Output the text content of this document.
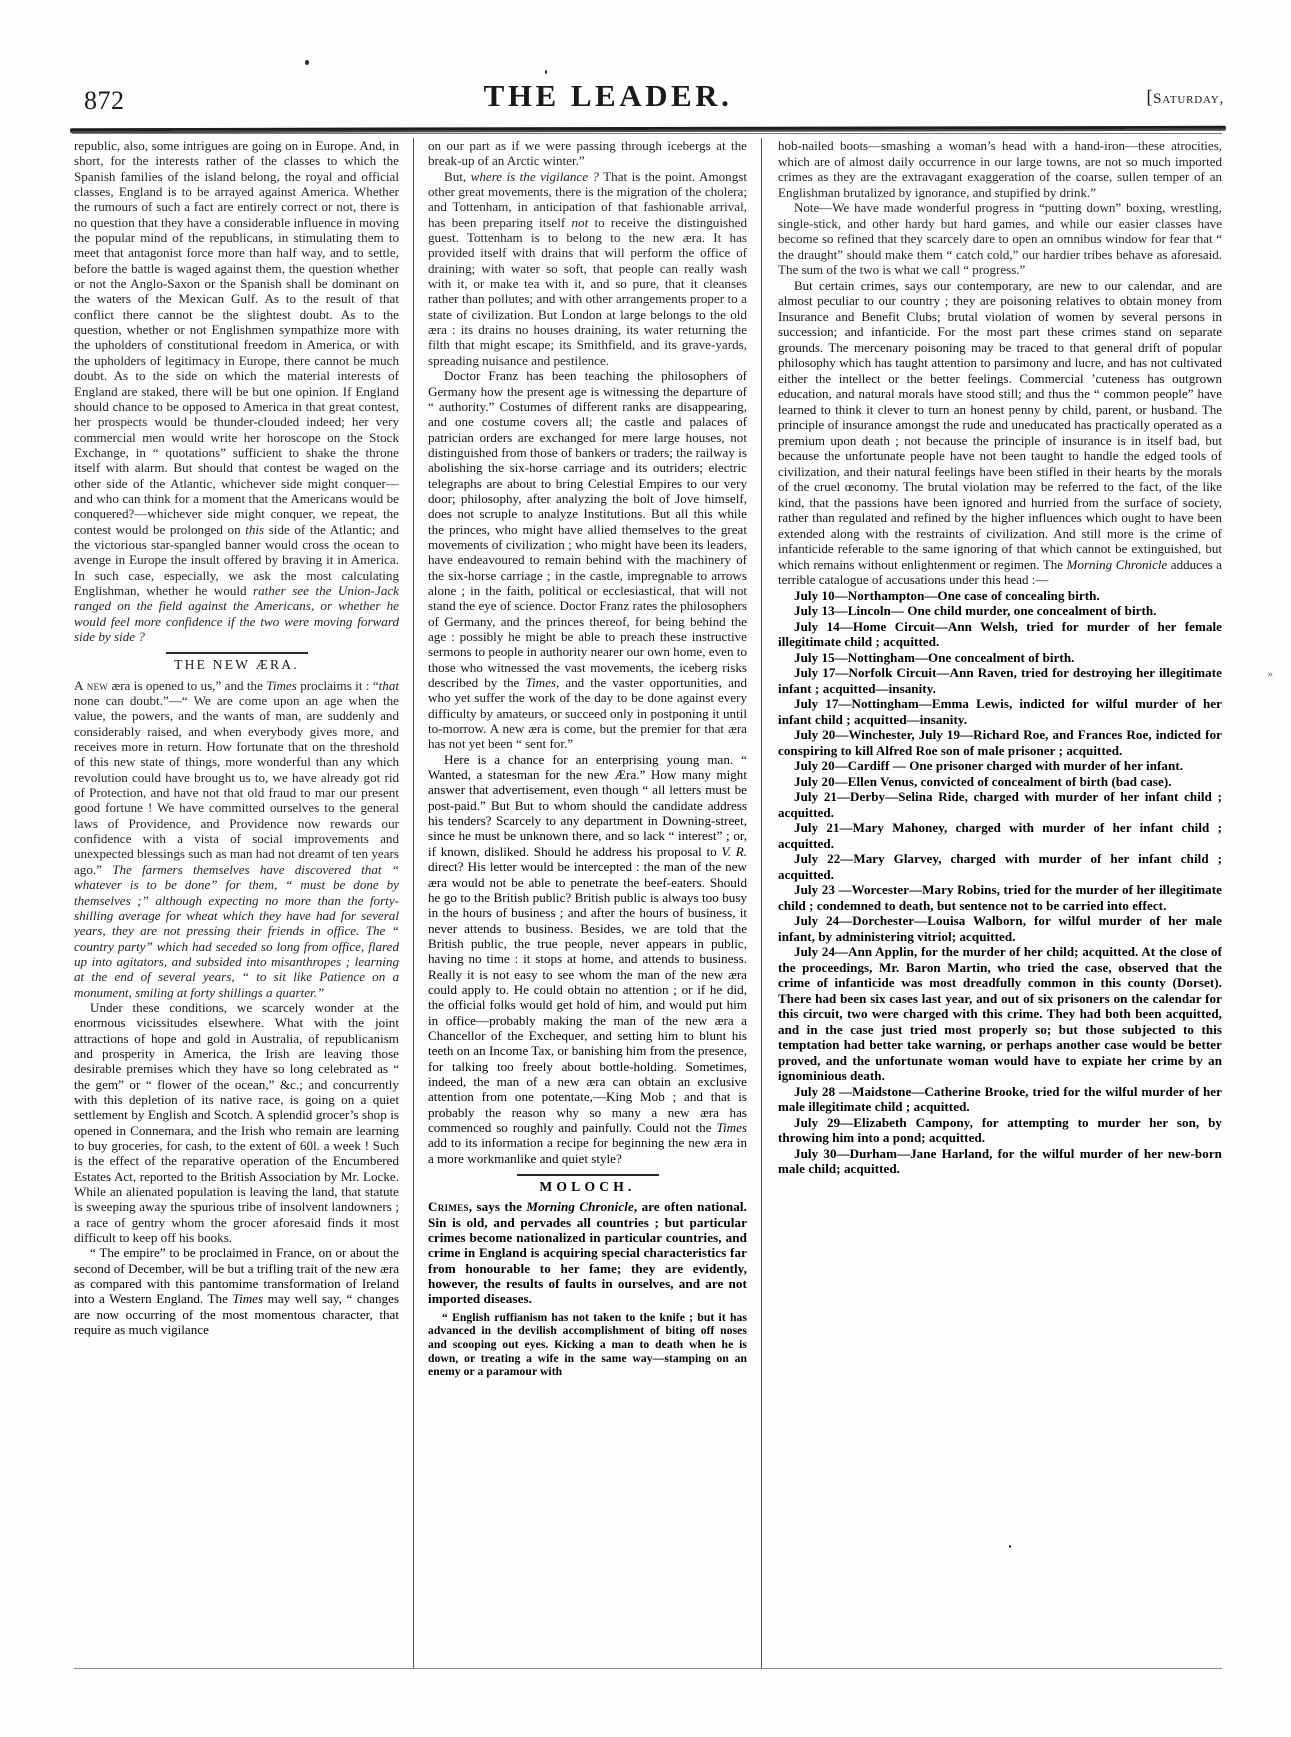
872	THE LEADER.	[Saturday,
»

republic, also, some intrigues are going on in Europe. And, in short, for the interests rather of the classes to which the Spanish families of the island belong, the royal and official classes, England is to be arrayed against America. Whether the rumours of such a fact are entirely correct or not, there is no question that they have a considerable influence in moving the popular mind of the republicans, in stimulating them to meet that antagonist force more than half way, and to settle, before the battle is waged against them, the question whether or not the Anglo-Saxon or the Spanish shall be dominant on the waters of the Mexican Gulf. As to the result of that conflict there cannot be the slightest doubt. As to the question, whether or not Englishmen sympathize more with the upholders of constitutional freedom in America, or with the upholders of legitimacy in Europe, there cannot be much doubt. As to the side on which the material interests of England are staked, there will be but one opinion. If England should chance to be opposed to America in that great contest, her prospects would be thunder-clouded indeed; her very commercial men would write her horoscope on the Stock Exchange, in “ quotations” sufficient to shake the throne itself with alarm. But should that contest be waged on the other side of the Atlantic, whichever side might conquer—and who can think for a moment that the Americans would be conquered?—whichever side might conquer, we repeat, the contest would be prolonged on this side of the Atlantic; and the victorious star-spangled banner would cross the ocean to avenge in Europe the insult offered by braving it in America. In such case, especially, we ask the most calculating Englishman, whether he would rather see the Union-Jack ranged on the field against the Americans, or whether he would feel more confidence if the two were moving forward side by side ?

THE NEW ÆRA.

A new æra is opened to us,” and the Times proclaims it : “that none can doubt.”—“ We are come upon an age when the value, the powers, and the wants of man, are suddenly and considerably raised, and when everybody gives more, and receives more in return. How fortunate that on the threshold of this new state of things, more wonderful than any which revolution could have brought us to, we have already got rid of Protection, and have not that old fraud to mar our present good fortune ! We have committed ourselves to the general laws of Providence, and Providence now rewards our confidence with a vista of social improvements and unexpected blessings such as man had not dreamt of ten years ago.” The farmers themselves have discovered that “ whatever is to be done” for them, “ must be done by themselves ;” although expecting no more than the forty-shilling average for wheat which they have had for several years, they are not pressing their friends in office. The “ country party” which had seceded so long from office, flared up into agitators, and subsided into misanthropes ; learning at the end of several years, “ to sit like Patience on a monument, smiling at forty shillings a quarter.”

Under these conditions, we scarcely wonder at the enormous vicissitudes elsewhere. What with the joint attractions of hope and gold in Australia, of republicanism and prosperity in America, the Irish are leaving those desirable premises which they have so long celebrated as “ the gem” or “ flower of the ocean,” &c.; and concurrently with this depletion of its native race, is going on a quiet settlement by English and Scotch. A splendid grocer’s shop is opened in Connemara, and the Irish who remain are learning to buy groceries, for cash, to the extent of 60l. a week ! Such is the effect of the reparative operation of the Encumbered Estates Act, reported to the British Association by Mr. Locke. While an alienated population is leaving the land, that statute is sweeping away the spurious tribe of insolvent landowners ; a race of gentry whom the grocer aforesaid finds it most difficult to keep off his books.

“ The empire” to be proclaimed in France, on or about the second of December, will be but a trifling trait of the new æra as compared with this pantomime transformation of Ireland into a Western England. The Times may well say, “ changes are now occurring of the most momentous character, that require as much vigilance

on our part as if we were passing through icebergs at the break-up of an Arctic winter.”

But, where is the vigilance ? That is the point. Amongst other great movements, there is the migration of the cholera; and Tottenham, in anticipation of that fashionable arrival, has been preparing itself not to receive the distinguished guest. Tottenham is to belong to the new æra. It has provided itself with drains that will perform the office of draining; with water so soft, that people can really wash with it, or make tea with it, and so pure, that it cleanses rather than pollutes; and with other arrangements proper to a state of civilization. But London at large belongs to the old æra : its drains no houses draining, its water returning the filth that might escape; its Smithfield, and its grave-yards, spreading nuisance and pestilence.

Doctor Franz has been teaching the philosophers of Germany how the present age is witnessing the departure of “ authority.” Costumes of different ranks are disappearing, and one costume covers all; the castle and palaces of patrician orders are exchanged for mere large houses, not distinguished from those of bankers or traders; the railway is abolishing the six-horse carriage and its outriders; electric telegraphs are about to bring Celestial Empires to our very door; philosophy, after analyzing the bolt of Jove himself, does not scruple to analyze Institutions. But all this while the princes, who might have allied themselves to the great movements of civilization ; who might have been its leaders, have endeavoured to remain behind with the machinery of the six-horse carriage ; in the castle, impregnable to arrows alone ; in the faith, political or ecclesiastical, that will not stand the eye of science. Doctor Franz rates the philosophers of Germany, and the princes thereof, for being behind the age : possibly he might be able to preach these instructive sermons to people in authority nearer our own home, even to those who witnessed the vast movements, the iceberg risks described by the Times, and the vaster opportunities, and who yet suffer the work of the day to be done against every difficulty by amateurs, or succeed only in postponing it until to-morrow. A new æra is come, but the premier for that æra has not yet been “ sent for.”

Here is a chance for an enterprising young man. “ Wanted, a statesman for the new Æra.” How many might answer that advertisement, even though “ all letters must be post-paid.” But But to whom should the candidate address his tenders? Scarcely to any department in Downing-street, since he must be unknown there, and so lack “ interest” ; or, if known, disliked. Should he address his proposal to V. R. direct? His letter would be intercepted : the man of the new æra would not be able to penetrate the beef-eaters. Should he go to the British public? British public is always too busy in the hours of business ; and after the hours of business, it never attends to business. Besides, we are told that the British public, the true people, never appears in public, having no time : it stops at home, and attends to business. Really it is not easy to see whom the man of the new æra could apply to. He could obtain no attention ; or if he did, the official folks would get hold of him, and would put him in office—probably making the man of the new æra a Chancellor of the Exchequer, and setting him to blunt his teeth on an Income Tax, or banishing him from the presence, for talking too freely about bottle-holding. Sometimes, indeed, the man of a new æra can obtain an exclusive attention from one potentate,—King Mob ; and that is probably the reason why so many a new æra has commenced so roughly and painfully. Could not the Times add to its information a recipe for beginning the new æra in a more workmanlike and quiet style?

MOLOCH.

Crimes, says the Morning Chronicle, are often national. Sin is old, and pervades all countries ; but particular crimes become nationalized in particular countries, and crime in England is acquiring special characteristics far from honourable to her fame; they are evidently, however, the results of faults in ourselves, and are not imported diseases.

“ English ruffianism has not taken to the knife ; but it has advanced in the devilish accomplishment of biting off noses and scooping out eyes. Kicking a man to death when he is down, or treating a wife in the same way—stamping on an enemy or a paramour with

hob-nailed boots—smashing a woman’s head with a hand-iron—these atrocities, which are of almost daily occurrence in our large towns, are not so much imported crimes as they are the extravagant exaggeration of the coarse, sullen temper of an Englishman brutalized by ignorance, and stupified by drink.”

Note—We have made wonderful progress in “putting down” boxing, wrestling, single-stick, and other hardy but hard games, and while our easier classes have become so refined that they scarcely dare to open an omnibus window for fear that “ the draught” should make them “ catch cold,” our hardier tribes behave as aforesaid. The sum of the two is what we call “ progress.”

But certain crimes, says our contemporary, are new to our calendar, and are almost peculiar to our country ; they are poisoning relatives to obtain money from Insurance and Benefit Clubs; brutal violation of women by several persons in succession; and infanticide. For the most part these crimes stand on separate grounds. The mercenary poisoning may be traced to that general drift of popular philosophy which has taught attention to parsimony and lucre, and has not cultivated either the intellect or the better feelings. Commercial ’cuteness has outgrown education, and natural morals have stood still; and thus the “ common people” have learned to think it clever to turn an honest penny by child, parent, or husband. The principle of insurance amongst the rude and uneducated has practically operated as a premium upon death ; not because the principle of insurance is in itself bad, but because the unfortunate people have not been taught to handle the edged tools of civilization, and their natural feelings have been stifled in their hearts by the morals of the cruel œconomy. The brutal violation may be referred to the fact, of the like kind, that the passions have been ignored and hurried from the surface of society, rather than regulated and refined by the higher influences which ought to have been extended along with the restraints of civilization. And still more is the crime of infanticide referable to the same ignoring of that which cannot be extinguished, but which remains without enlightenment or regimen. The Morning Chronicle adduces a terrible catalogue of accusations under this head :—

July 10—Northampton—One case of concealing birth.

July 13—Lincoln— One child murder, one concealment of birth.

July 14—Home Circuit—Ann Welsh, tried for murder of her female illegitimate child ; acquitted.

July 15—Nottingham—One concealment of birth.

July 17—Norfolk Circuit—Ann Raven, tried for destroying her illegitimate infant ; acquitted—insanity.

July 17—Nottingham—Emma Lewis, indicted for wilful murder of her infant child ; acquitted—insanity.

July 20—Winchester, July 19—Richard Roe, and Frances Roe, indicted for conspiring to kill Alfred Roe son of male prisoner ; acquitted.

July 20—Cardiff — One prisoner charged with murder of her infant.

July 20—Ellen Venus, convicted of concealment of birth (bad case).

July 21—Derby—Selina Ride, charged with murder of her infant child ; acquitted.

July 21—Mary Mahoney, charged with murder of her infant child ; acquitted.

July 22—Mary Glarvey, charged with murder of her infant child ; acquitted.

July 23 —Worcester—Mary Robins, tried for the murder of her illegitimate child ; condemned to death, but sentence not to be carried into effect.

July 24—Dorchester—Louisa Walborn, for wilful murder of her male infant, by administering vitriol; acquitted.

July 24—Ann Applin, for the murder of her child; acquitted. At the close of the proceedings, Mr. Baron Martin, who tried the case, observed that the crime of infanticide was most dreadfully common in this county (Dorset). There had been six cases last year, and out of six prisoners on the calendar for this circuit, two were charged with this crime. They had both been acquitted, and in the case just tried most properly so; but those subjected to this temptation had better take warning, or perhaps another case would be better proved, and the unfortunate woman would have to expiate her crime by an ignominious death.

July 28 —Maidstone—Catherine Brooke, tried for the wilful murder of her male illegitimate child ; acquitted.

July 29—Elizabeth Campony, for attempting to murder her son, by throwing him into a pond; acquitted.

July 30—Durham—Jane Harland, for the wilful murder of her new-born male child; acquitted.
